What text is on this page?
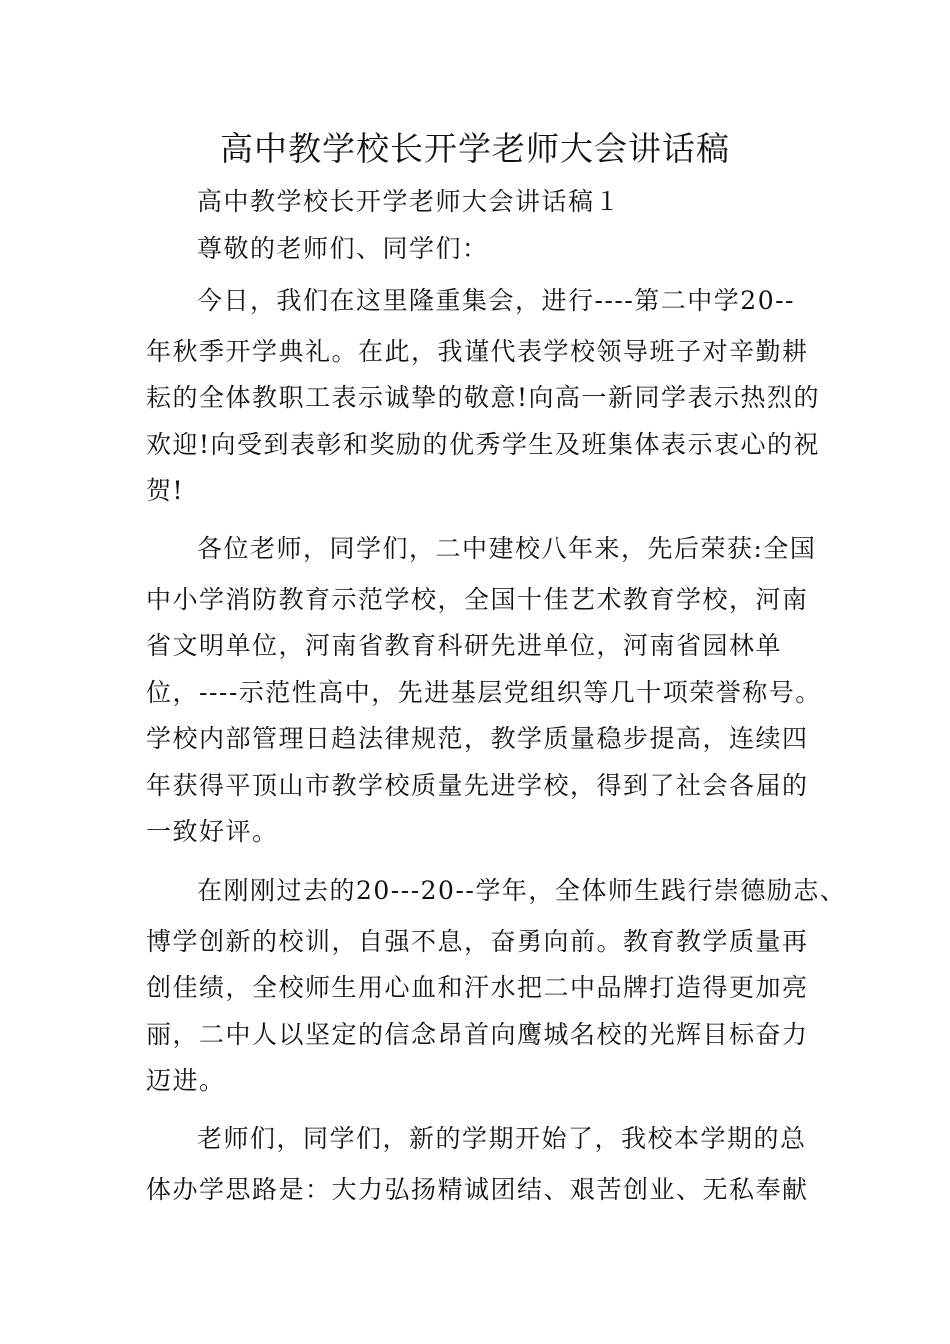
高中教学校长开学老师大会讲话稿
高中教学校长开学老师大会讲话稿１
尊敬的老师们、同学们：
今日，我们在这里隆重集会，进行----第二中学20--
年秋季开学典礼。在此，我谨代表学校领导班子对辛勤耕
耘的全体教职工表示诚挚的敬意!向高一新同学表示热烈的
欢迎!向受到表彰和奖励的优秀学生及班集体表示衷心的祝
贺!
各位老师，同学们，二中建校八年来，先后荣获:全国
中小学消防教育示范学校，全国十佳艺术教育学校，河南
省文明单位，河南省教育科研先进单位，河南省园林单
位，----示范性高中，先进基层党组织等几十项荣誉称号。
学校内部管理日趋法律规范，教学质量稳步提高，连续四
年获得平顶山市教学校质量先进学校，得到了社会各届的
一致好评。
在刚刚过去的20---20--学年，全体师生践行崇德励志、
博学创新的校训，自强不息，奋勇向前。教育教学质量再
创佳绩，全校师生用心血和汗水把二中品牌打造得更加亮
丽，二中人以坚定的信念昂首向鹰城名校的光辉目标奋力
迈进。
老师们，同学们，新的学期开始了，我校本学期的总
体办学思路是：大力弘扬精诚团结、艰苦创业、无私奉献
